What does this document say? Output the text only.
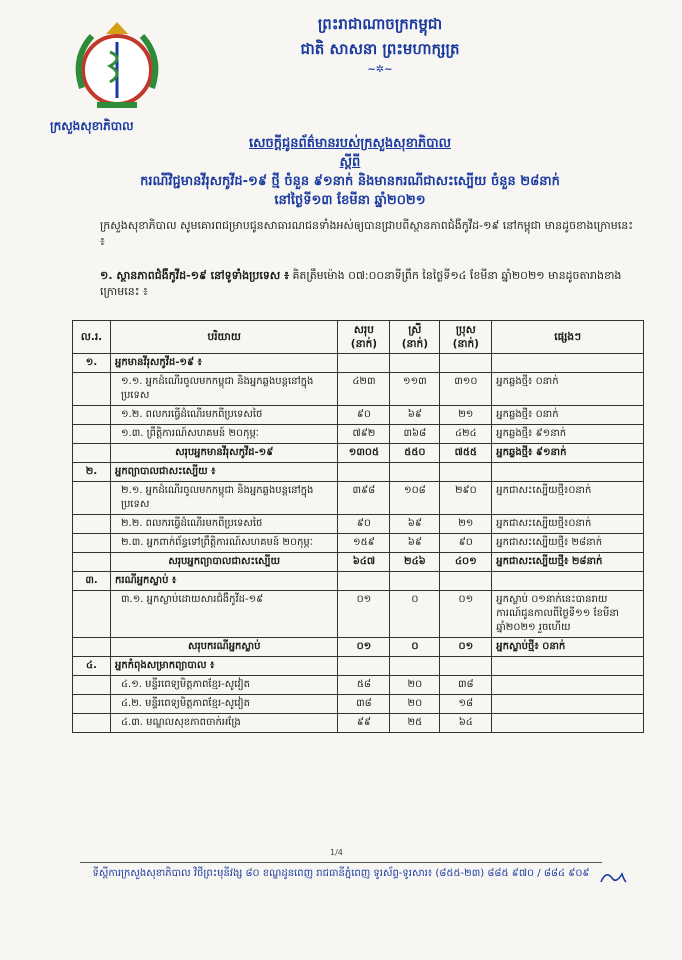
ក្រសួងសុខាភិបាល
ព្រះរាជាណាចក្រកម្ពុជា
ជាតិ សាសនា ព្រះមហាក្សត្រ
~✲~
សេចក្តីជូនព័ត៌មានរបស់ក្រសួងសុខាភិបាល
ស្តីពី
ករណីវិជ្ជមានវីរុសកូវីដ-១៩ ថ្មី ចំនួន ៩១នាក់ និងមានករណីជាសះស្បើយ ចំនួន ២៨នាក់
នៅថ្ងៃទី១៣ ខែមីនា ឆ្នាំ២០២១
ក្រសួងសុខាភិបាល សូមគោរពជម្រាបជូនសាធារណជនទាំងអស់ឲ្យបានជ្រាបពីស្ថានភាពជំងឺកូវីដ-១៩ នៅកម្ពុជា មានដូចខាងក្រោមនេះ ៖
១. ស្ថានភាពជំងឺកូវីដ-១៩ នៅទូទាំងប្រទេស ៖ គិតត្រឹមម៉ោង ០៧:០០នាទីព្រឹក នៃថ្ងៃទី១៤ ខែមីនា ឆ្នាំ២០២១ មានដូចតារាងខាងក្រោមនេះ ៖
ល.រ.	បរិយាយ	សរុប (នាក់)	ស្រី (នាក់)	ប្រុស (នាក់)	ផ្សេងៗ
១.	អ្នកមានវីរុសកូវីដ-១៩ ៖				
	១.១. អ្នកដំណើរចូលមកកម្ពុជា និងអ្នកឆ្លងបន្តនៅក្នុងប្រទេស	៤២៣	១១៣	៣១០	អ្នកឆ្លងថ្មី៖ ០នាក់
	១.២. ពលករធ្វើដំណើរមកពីប្រទេសថៃ	៩០	៦៩	២១	អ្នកឆ្លងថ្មី៖ ០នាក់
	១.៣. ព្រឹត្តិការណ៍សហគមន៍ ២០កុម្ភៈ	៧៩២	៣៦៨	៤២៤	អ្នកឆ្លងថ្មី៖ ៩១នាក់
	សរុបអ្នកមានវីរុសកូវីដ-១៩	១៣០៥	៥៥០	៧៥៥	អ្នកឆ្លងថ្មី៖ ៩១នាក់
២.	អ្នកព្យាបាលជាសះស្បើយ ៖				
	២.១. អ្នកដំណើរចូលមកកម្ពុជា និងអ្នកឆ្លងបន្តនៅក្នុងប្រទេស	៣៩៨	១០៨	២៩០	អ្នកជាសះស្បើយថ្មី៖០នាក់
	២.២. ពលករធ្វើដំណើរមកពីប្រទេសថៃ	៩០	៦៩	២១	អ្នកជាសះស្បើយថ្មី៖០នាក់
	២.៣. អ្នកពាក់ព័ន្ធទៅព្រឹត្តិការណ៍សហគមន៍ ២០កុម្ភៈ	១៥៩	៦៩	៩០	អ្នកជាសះស្បើយថ្មី៖ ២៨នាក់
	សរុបអ្នកព្យាបាលជាសះស្បើយ	៦៤៧	២៤៦	៤០១	អ្នកជាសះស្បើយថ្មី៖ ២៨នាក់
៣.	ករណីអ្នកស្លាប់ ៖				
	៣.១. អ្នកស្លាប់ដោយសារជំងឺកូវីដ-១៩	០១	០	០១	អ្នកស្លាប់ ០១នាក់នេះបានរាយការណ៍ជូនកាលពីថ្ងៃទី១១ ខែមីនា ឆ្នាំ២០២១ រួចហើយ
	សរុបករណីអ្នកស្លាប់	០១	០	០១	អ្នកស្លាប់ថ្មី៖ ០នាក់
៤.	អ្នកកំពុងសម្រាកព្យាបាល ៖				
	៤.១. មន្ទីរពេទ្យមិត្តភាពខ្មែរ-សូវៀត	៥៨	២០	៣៨	
	៤.២. មន្ទីរពេទ្យមិត្តភាពខ្មែរ-សូវៀត	៣៨	២០	១៨	
	៤.៣. មណ្ឌលសុខភាពចាក់អង្រែ	៩៩	២៥	៦៤	
1/4
ទីស្តីការក្រសួងសុខាភិបាល វិថីព្រះមុនីវង្ស ៨០ ខណ្ឌដូនពេញ រាជធានីភ្នំពេញ ទូរស័ព្ទ-ទូរសារ៖ (៨៥៥-២៣) ៨៨៥ ៩៧០ / ៨៨៤ ៩០៩
